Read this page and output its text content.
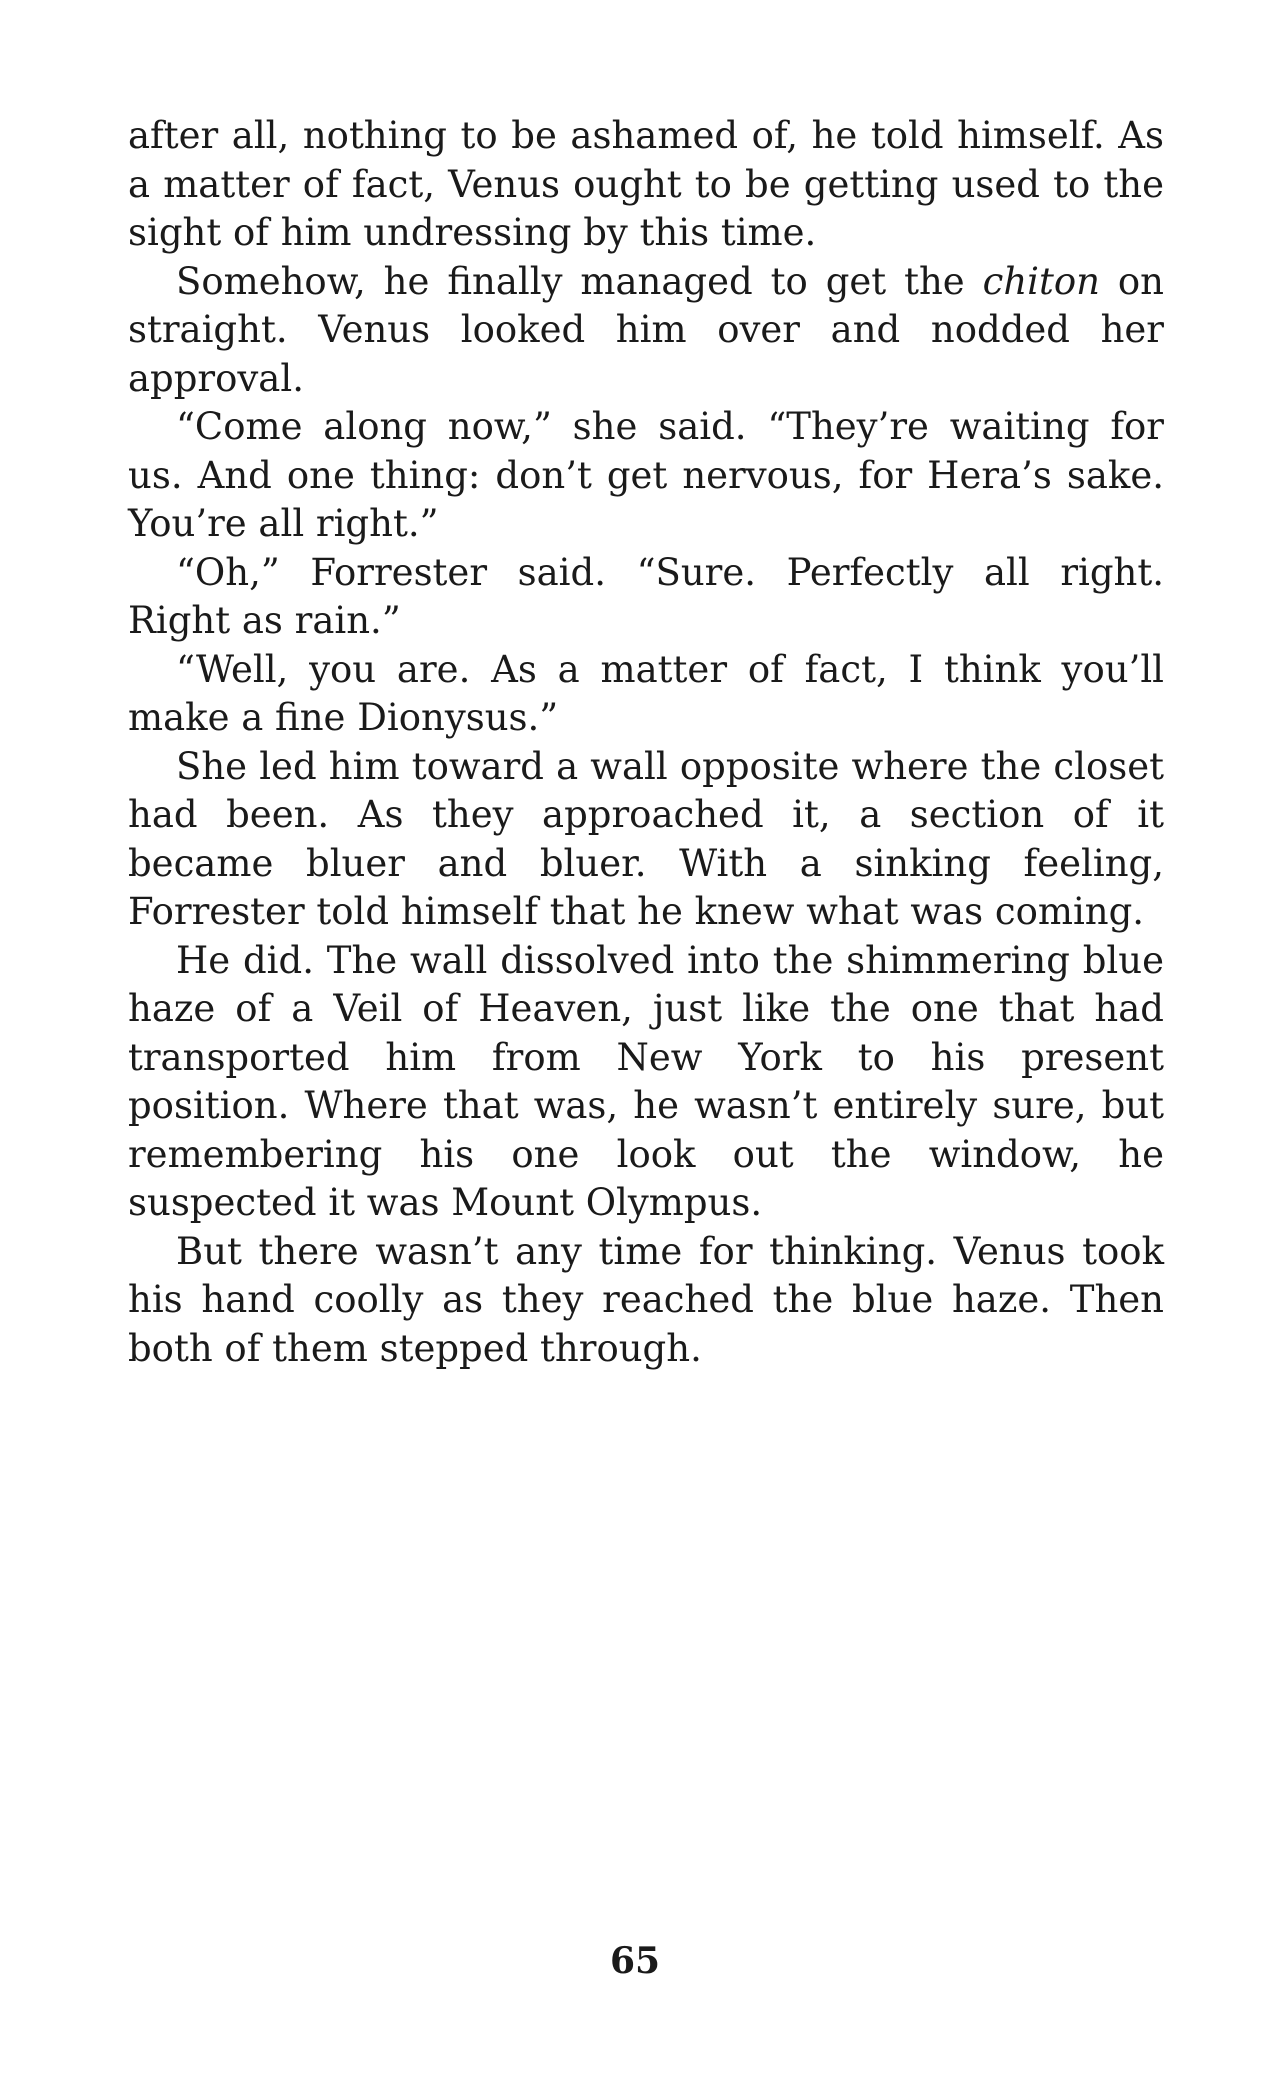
after all, nothing to be ashamed of, he told himself. As a matter of fact, Venus ought to be getting used to the sight of him undressing by this time.

Somehow, he finally managed to get the chiton on straight. Venus looked him over and nodded her approval.

“Come along now,” she said. “They’re waiting for us. And one thing: don’t get nervous, for Hera’s sake. You’re all right.”

“Oh,” Forrester said. “Sure. Perfectly all right. Right as rain.”

“Well, you are. As a matter of fact, I think you’ll make a fine Dionysus.”

She led him toward a wall opposite where the closet had been. As they approached it, a section of it became bluer and bluer. With a sinking feeling, Forrester told himself that he knew what was coming.

He did. The wall dissolved into the shimmering blue haze of a Veil of Heaven, just like the one that had transported him from New York to his present position. Where that was, he wasn’t entirely sure, but remembering his one look out the window, he suspected it was Mount Olympus.

But there wasn’t any time for thinking. Venus took his hand coolly as they reached the blue haze. Then both of them stepped through.

65
